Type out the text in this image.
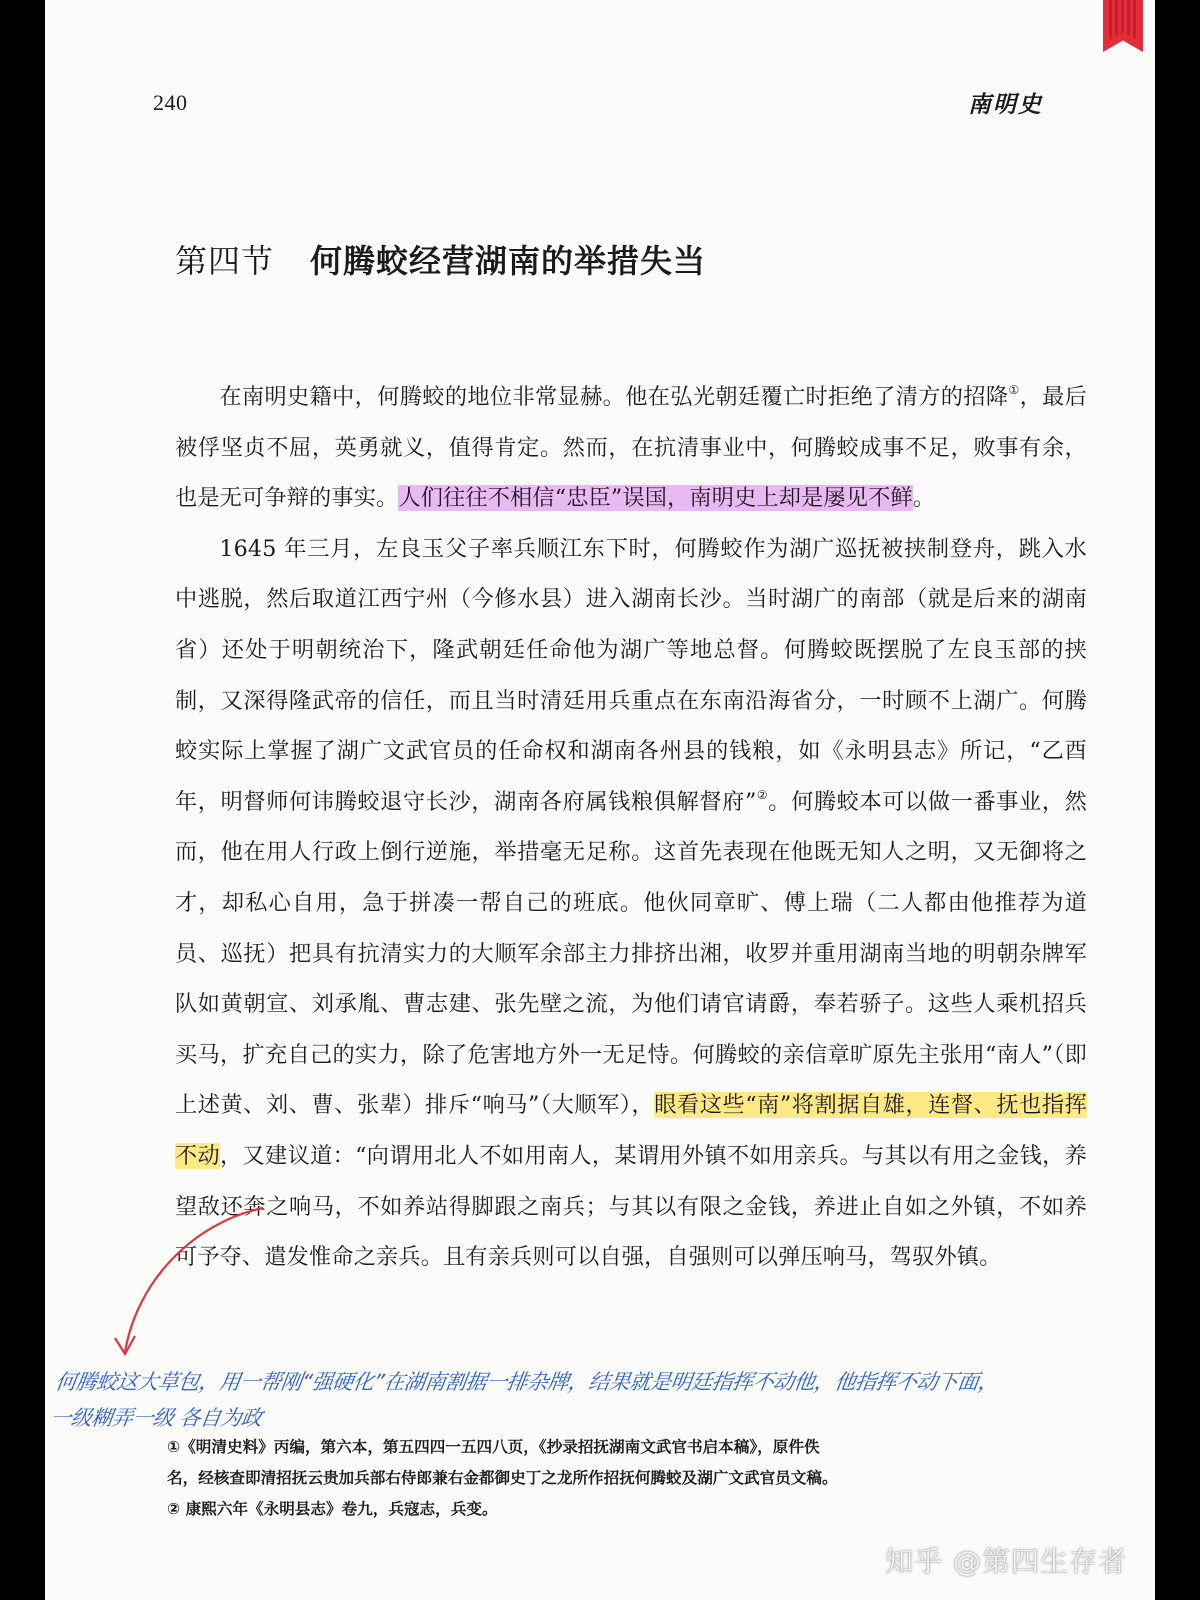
240	南明史
第四节 何腾蛟经营湖南的举措失当

在南明史籍中，何腾蛟的地位非常显赫。他在弘光朝廷覆亡时拒绝了清方的招降①，最后被俘坚贞不屈，英勇就义，值得肯定。然而，在抗清事业中，何腾蛟成事不足，败事有余，也是无可争辩的事实。人们往往不相信“忠臣”误国，南明史上却是屡见不鲜。

1645 年三月，左良玉父子率兵顺江东下时，何腾蛟作为湖广巡抚被挟制登舟，跳入水中逃脱，然后取道江西宁州（今修水县）进入湖南长沙。当时湖广的南部（就是后来的湖南省）还处于明朝统治下，隆武朝廷任命他为湖广等地总督。何腾蛟既摆脱了左良玉部的挟制，又深得隆武帝的信任，而且当时清廷用兵重点在东南沿海省分，一时顾不上湖广。何腾蛟实际上掌握了湖广文武官员的任命权和湖南各州县的钱粮，如《永明县志》所记，“乙酉年，明督师何讳腾蛟退守长沙，湖南各府属钱粮俱解督府”②。何腾蛟本可以做一番事业，然而，他在用人行政上倒行逆施，举措毫无足称。这首先表现在他既无知人之明，又无御将之才，却私心自用，急于拼凑一帮自己的班底。他伙同章旷、傅上瑞（二人都由他推荐为道员、巡抚）把具有抗清实力的大顺军余部主力排挤出湘，收罗并重用湖南当地的明朝杂牌军队如黄朝宣、刘承胤、曹志建、张先壁之流，为他们请官请爵，奉若骄子。这些人乘机招兵买马，扩充自己的实力，除了危害地方外一无足恃。何腾蛟的亲信章旷原先主张用“南人”（即上述黄、刘、曹、张辈）排斥“响马”（大顺军），眼看这些“南”将割据自雄，连督、抚也指挥不动，又建议道：“向谓用北人不如用南人，某谓用外镇不如用亲兵。与其以有用之金钱，养望敌还奔之响马，不如养站得脚跟之南兵；与其以有限之金钱，养进止自如之外镇，不如养可予夺、遣发惟命之亲兵。且有亲兵则可以自强，自强则可以弹压响马，驾驭外镇。

何腾蛟这大草包，用一帮刚“强硬化”在湖南割据一排杂牌，结果就是明廷指挥不动他，他指挥不动下面，
一级糊弄一级 各自为政

①《明清史料》丙编，第六本，第五四四一五四八页，《抄录招抚湖南文武官书启本稿》，原件佚

名，经核查即清招抚云贵加兵部右侍郎兼右金都御史丁之龙所作招抚何腾蛟及湖广文武官员文稿。

② 康熙六年《永明县志》卷九，兵寇志，兵变。

知乎 @第四生存者
